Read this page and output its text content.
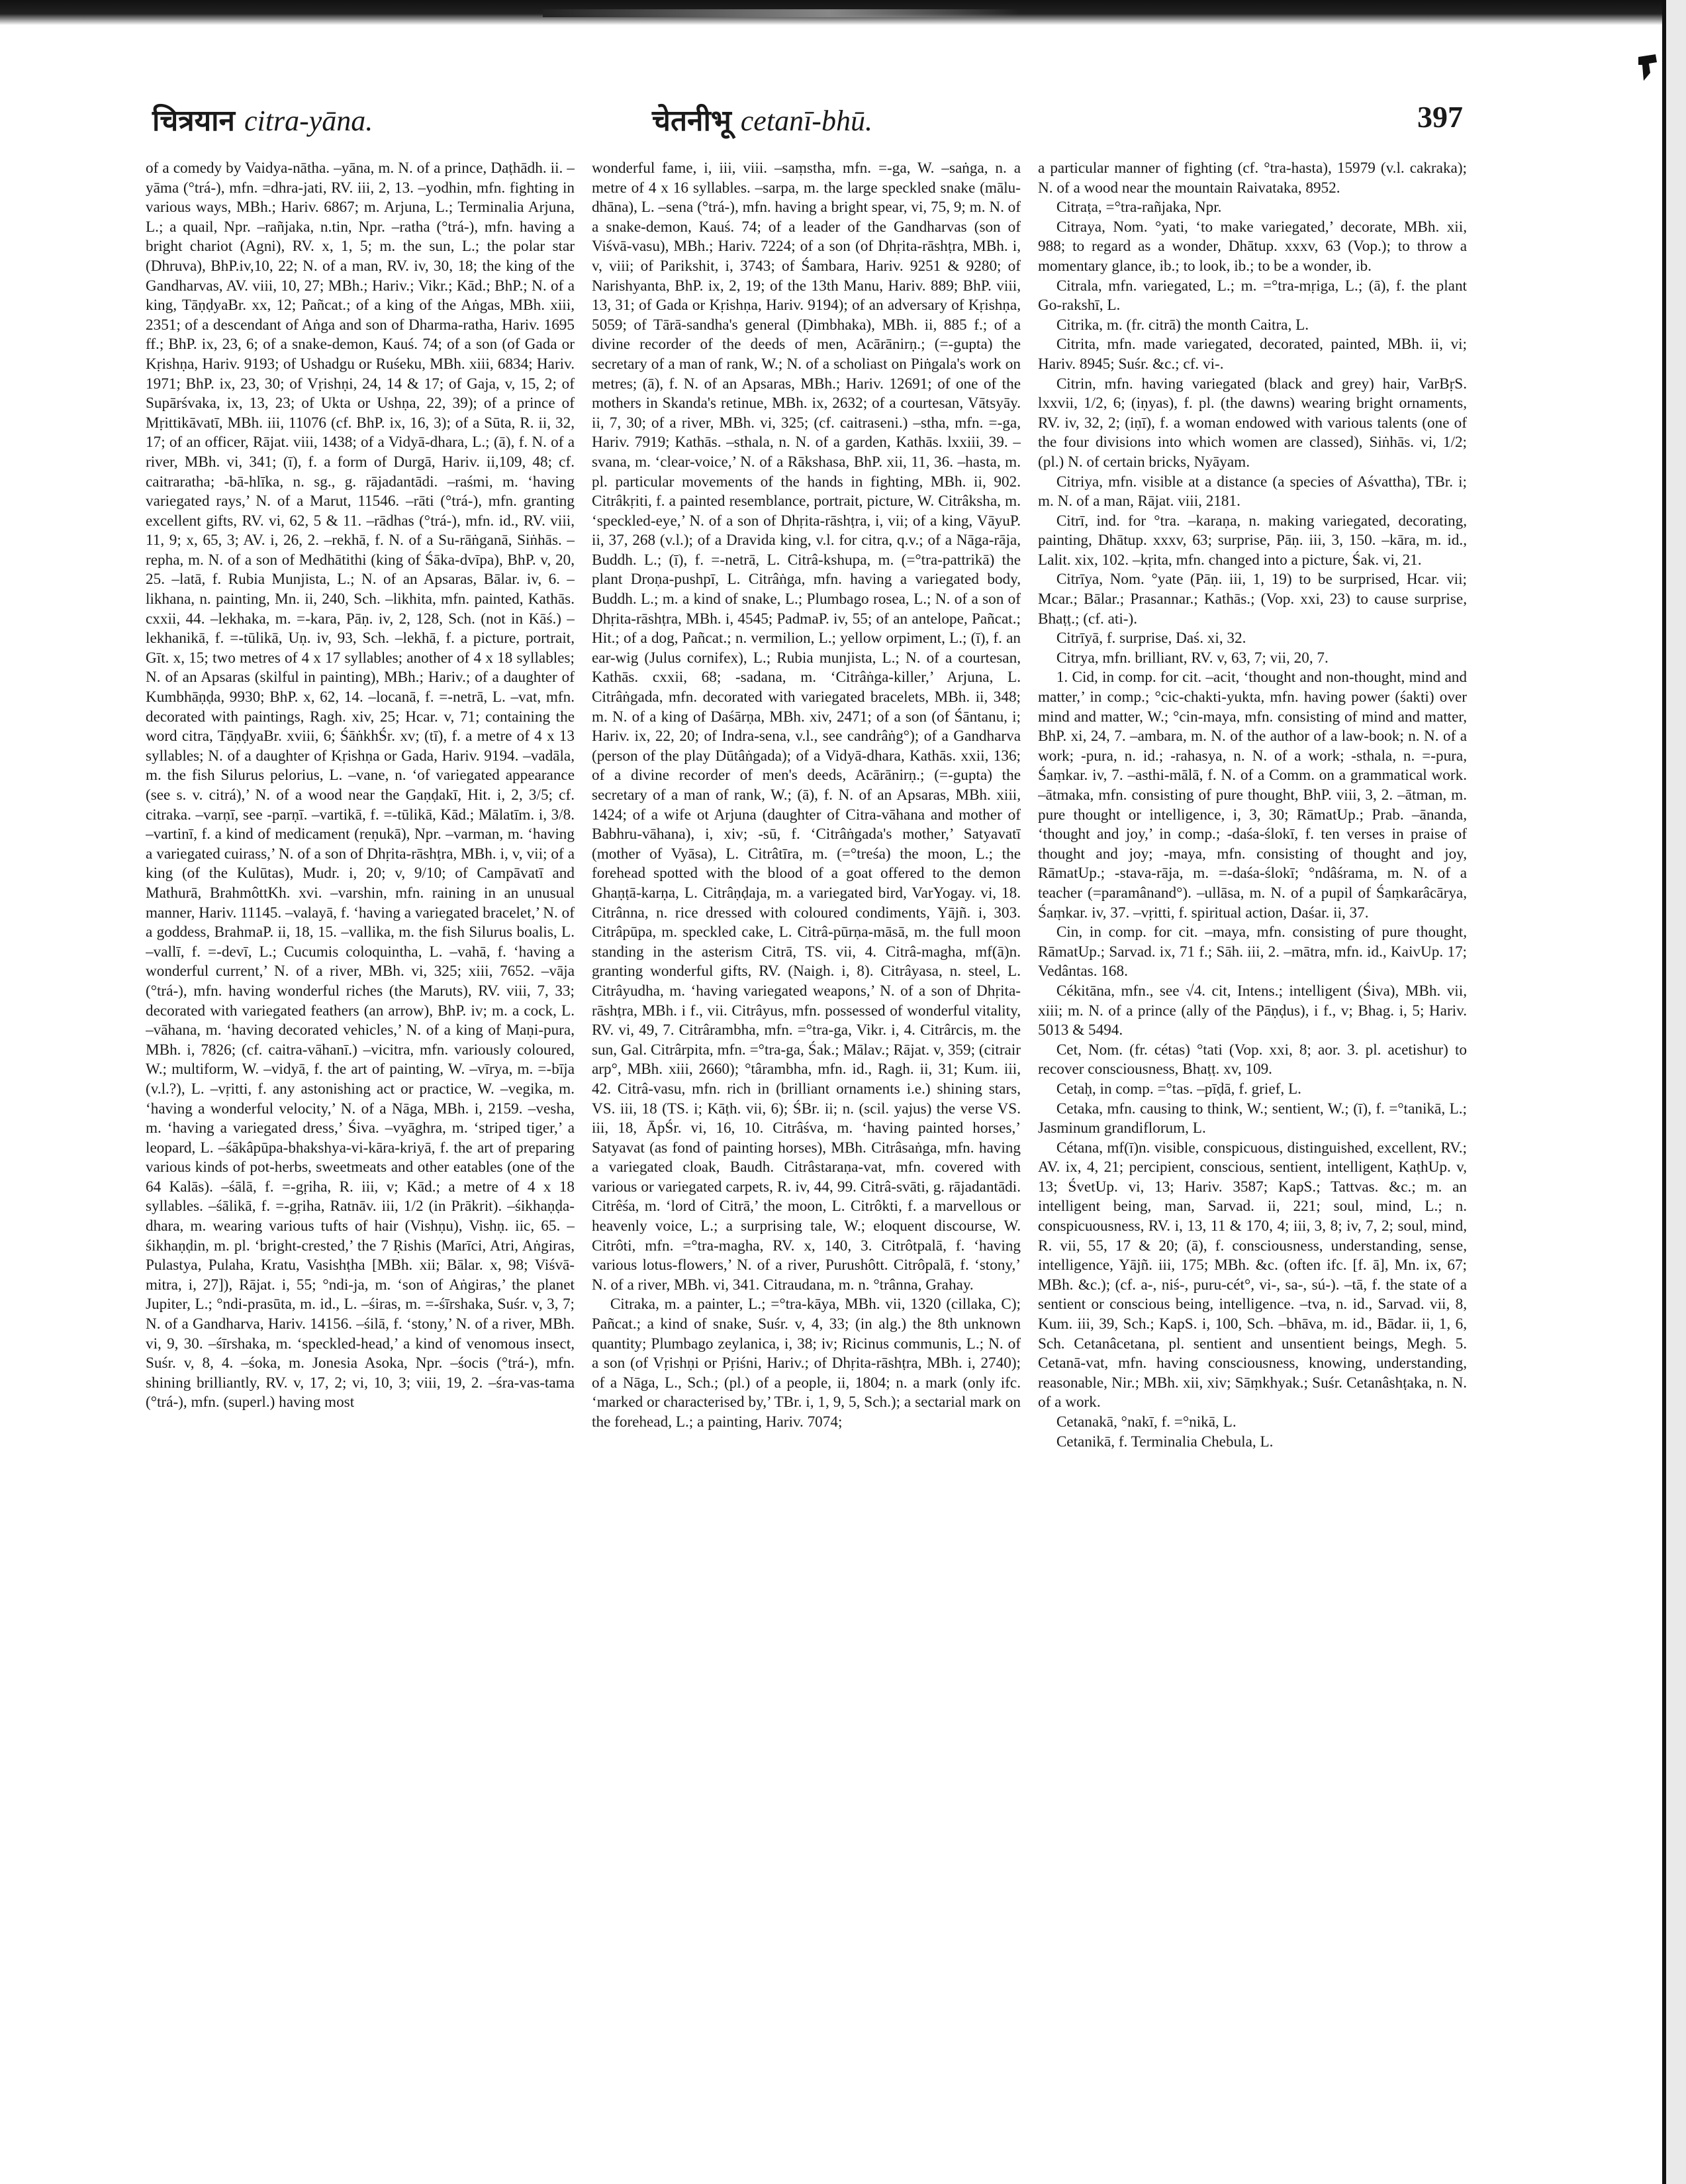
चित्रयान citra-yāna.	चेतनीभू cetanī-bhū.	397

of a comedy by Vaidya-nātha. –yāna, m. N. of a prince, Daṭhādh. ii. –yāma (°trá-), mfn. =dhra-jati, RV. iii, 2, 13. –yodhin, mfn. fighting in various ways, MBh.; Hariv. 6867; m. Arjuna, L.; Terminalia Arjuna, L.; a quail, Npr. –rañjaka, n.tin, Npr. –ratha (°trá-), mfn. having a bright chariot (Agni), RV. x, 1, 5; m. the sun, L.; the polar star (Dhruva), BhP.iv,10, 22; N. of a man, RV. iv, 30, 18; the king of the Gandharvas, AV. viii, 10, 27; MBh.; Hariv.; Vikr.; Kād.; BhP.; N. of a king, TāṇḍyaBr. xx, 12; Pañcat.; of a king of the Aṅgas, MBh. xiii, 2351; of a descendant of Aṅga and son of Dharma-ratha, Hariv. 1695 ff.; BhP. ix, 23, 6; of a snake-demon, Kauś. 74; of a son (of Gada or Kṛishṇa, Hariv. 9193; of Ushadgu or Ruśeku, MBh. xiii, 6834; Hariv. 1971; BhP. ix, 23, 30; of Vṛishṇi, 24, 14 & 17; of Gaja, v, 15, 2; of Supārśvaka, ix, 13, 23; of Ukta or Ushṇa, 22, 39); of a prince of Mṛittikāvatī, MBh. iii, 11076 (cf. BhP. ix, 16, 3); of a Sūta, R. ii, 32, 17; of an officer, Rājat. viii, 1438; of a Vidyā-dhara, L.; (ā), f. N. of a river, MBh. vi, 341; (ī), f. a form of Durgā, Hariv. ii,109, 48; cf. caitraratha; -bā-hlīka, n. sg., g. rājadantādi. –raśmi, m. ‘having variegated rays,’ N. of a Marut, 11546. –rāti (°trá-), mfn. granting excellent gifts, RV. vi, 62, 5 & 11. –rādhas (°trá-), mfn. id., RV. viii, 11, 9; x, 65, 3; AV. i, 26, 2. –rekhā, f. N. of a Su-rāṅganā, Siṅhās. –repha, m. N. of a son of Medhātithi (king of Śāka-dvīpa), BhP. v, 20, 25. –latā, f. Rubia Munjista, L.; N. of an Apsaras, Bālar. iv, 6. –likhana, n. painting, Mn. ii, 240, Sch. –likhita, mfn. painted, Kathās. cxxii, 44. –lekhaka, m. =-kara, Pāṇ. iv, 2, 128, Sch. (not in Kāś.) –lekhanikā, f. =-tūlikā, Uṇ. iv, 93, Sch. –lekhā, f. a picture, portrait, Gīt. x, 15; two metres of 4 x 17 syllables; another of 4 x 18 syllables; N. of an Apsaras (skilful in painting), MBh.; Hariv.; of a daughter of Kumbhāṇḍa, 9930; BhP. x, 62, 14. –locanā, f. =-netrā, L. –vat, mfn. decorated with paintings, Ragh. xiv, 25; Hcar. v, 71; containing the word citra, TāṇḍyaBr. xviii, 6; ŚāṅkhŚr. xv; (tī), f. a metre of 4 x 13 syllables; N. of a daughter of Kṛishṇa or Gada, Hariv. 9194. –vadāla, m. the fish Silurus pelorius, L. –vane, n. ‘of variegated appearance (see s. v. citrá),’ N. of a wood near the Gaṇḍakī, Hit. i, 2, 3/5; cf. citraka. –varṇī, see -parṇī. –vartikā, f. =-tūlikā, Kād.; Mālatīm. i, 3/8. –vartinī, f. a kind of medicament (reṇukā), Npr. –varman, m. ‘having a variegated cuirass,’ N. of a son of Dhṛita-rāshṭra, MBh. i, v, vii; of a king (of the Kulūtas), Mudr. i, 20; v, 9/10; of Campāvatī and Mathurā, BrahmôttKh. xvi. –varshin, mfn. raining in an unusual manner, Hariv. 11145. –valayā, f. ‘having a variegated bracelet,’ N. of a goddess, BrahmaP. ii, 18, 15. –vallika, m. the fish Silurus boalis, L. –vallī, f. =-devī, L.; Cucumis coloquintha, L. –vahā, f. ‘having a wonderful current,’ N. of a river, MBh. vi, 325; xiii, 7652. –vāja (°trá-), mfn. having wonderful riches (the Maruts), RV. viii, 7, 33; decorated with variegated feathers (an arrow), BhP. iv; m. a cock, L. –vāhana, m. ‘having decorated vehicles,’ N. of a king of Maṇi-pura, MBh. i, 7826; (cf. caitra-vāhanī.) –vicitra, mfn. variously coloured, W.; multiform, W. –vidyā, f. the art of painting, W. –vīrya, m. =-bīja (v.l.?), L. –vṛitti, f. any astonishing act or practice, W. –vegika, m. ‘having a wonderful velocity,’ N. of a Nāga, MBh. i, 2159. –vesha, m. ‘having a variegated dress,’ Śiva. –vyāghra, m. ‘striped tiger,’ a leopard, L. –śākâpūpa-bhakshya-vi-kāra-kriyā, f. the art of preparing various kinds of pot-herbs, sweetmeats and other eatables (one of the 64 Kalās). –śālā, f. =-gṛiha, R. iii, v; Kād.; a metre of 4 x 18 syllables. –śālikā, f. =-gṛiha, Ratnāv. iii, 1/2 (in Prākrit). –śikhaṇḍa-dhara, m. wearing various tufts of hair (Vishṇu), Vishṇ. iic, 65. –śikhaṇḍin, m. pl. ‘bright-crested,’ the 7 Ṛishis (Marīci, Atri, Aṅgiras, Pulastya, Pulaha, Kratu, Vasishṭha [MBh. xii; Bālar. x, 98; Viśvā-mitra, i, 27]), Rājat. i, 55; °ndi-ja, m. ‘son of Aṅgiras,’ the planet Jupiter, L.; °ndi-prasūta, m. id., L. –śiras, m. =-śīrshaka, Suśr. v, 3, 7; N. of a Gandharva, Hariv. 14156. –śilā, f. ‘stony,’ N. of a river, MBh. vi, 9, 30. –śīrshaka, m. ‘speckled-head,’ a kind of venomous insect, Suśr. v, 8, 4. –śoka, m. Jonesia Asoka, Npr. –śocis (°trá-), mfn. shining brilliantly, RV. v, 17, 2; vi, 10, 3; viii, 19, 2. –śra-vas-tama (°trá-), mfn. (superl.) having most

wonderful fame, i, iii, viii. –saṃstha, mfn. =-ga, W. –saṅga, n. a metre of 4 x 16 syllables. –sarpa, m. the large speckled snake (mālu-dhāna), L. –sena (°trá-), mfn. having a bright spear, vi, 75, 9; m. N. of a snake-demon, Kauś. 74; of a leader of the Gandharvas (son of Viśvā-vasu), MBh.; Hariv. 7224; of a son (of Dhṛita-rāshṭra, MBh. i, v, viii; of Parikshit, i, 3743; of Śambara, Hariv. 9251 & 9280; of Narishyanta, BhP. ix, 2, 19; of the 13th Manu, Hariv. 889; BhP. viii, 13, 31; of Gada or Kṛishṇa, Hariv. 9194); of an adversary of Kṛishṇa, 5059; of Tārā-sandha's general (Ḍimbhaka), MBh. ii, 885 f.; of a divine recorder of the deeds of men, Acārānirṇ.; (=-gupta) the secretary of a man of rank, W.; N. of a scholiast on Piṅgala's work on metres; (ā), f. N. of an Apsaras, MBh.; Hariv. 12691; of one of the mothers in Skanda's retinue, MBh. ix, 2632; of a courtesan, Vātsyāy. ii, 7, 30; of a river, MBh. vi, 325; (cf. caitraseni.) –stha, mfn. =-ga, Hariv. 7919; Kathās. –sthala, n. N. of a garden, Kathās. lxxiii, 39. –svana, m. ‘clear-voice,’ N. of a Rākshasa, BhP. xii, 11, 36. –hasta, m. pl. particular movements of the hands in fighting, MBh. ii, 902. Citrâkṛiti, f. a painted resemblance, portrait, picture, W. Citrâksha, m. ‘speckled-eye,’ N. of a son of Dhṛita-rāshṭra, i, vii; of a king, VāyuP. ii, 37, 268 (v.l.); of a Dravida king, v.l. for citra, q.v.; of a Nāga-rāja, Buddh. L.; (ī), f. =-netrā, L. Citrâ-kshupa, m. (=°tra-pattrikā) the plant Droṇa-pushpī, L. Citrâṅga, mfn. having a variegated body, Buddh. L.; m. a kind of snake, L.; Plumbago rosea, L.; N. of a son of Dhṛita-rāshṭra, MBh. i, 4545; PadmaP. iv, 55; of an antelope, Pañcat.; Hit.; of a dog, Pañcat.; n. vermilion, L.; yellow orpiment, L.; (ī), f. an ear-wig (Julus cornifex), L.; Rubia munjista, L.; N. of a courtesan, Kathās. cxxii, 68; -sadana, m. ‘Citrâṅga-killer,’ Arjuna, L. Citrâṅgada, mfn. decorated with variegated bracelets, MBh. ii, 348; m. N. of a king of Daśārṇa, MBh. xiv, 2471; of a son (of Śāntanu, i; Hariv. ix, 22, 20; of Indra-sena, v.l., see candrâṅg°); of a Gandharva (person of the play Dūtâṅgada); of a Vidyā-dhara, Kathās. xxii, 136; of a divine recorder of men's deeds, Acārānirṇ.; (=-gupta) the secretary of a man of rank, W.; (ā), f. N. of an Apsaras, MBh. xiii, 1424; of a wife ot Arjuna (daughter of Citra-vāhana and mother of Babhru-vāhana), i, xiv; -sū, f. ‘Citrâṅgada's mother,’ Satyavatī (mother of Vyāsa), L. Citrâtīra, m. (=°treśa) the moon, L.; the forehead spotted with the blood of a goat offered to the demon Ghaṇṭā-karṇa, L. Citrâṇḍaja, m. a variegated bird, VarYogay. vi, 18. Citrânna, n. rice dressed with coloured condiments, Yājñ. i, 303. Citrâpūpa, m. speckled cake, L. Citrâ-pūrṇa-māsā, m. the full moon standing in the asterism Citrā, TS. vii, 4. Citrâ-magha, mf(ā)n. granting wonderful gifts, RV. (Naigh. i, 8). Citrâyasa, n. steel, L. Citrâyudha, m. ‘having variegated weapons,’ N. of a son of Dhṛita-rāshṭra, MBh. i f., vii. Citrâyus, mfn. possessed of wonderful vitality, RV. vi, 49, 7. Citrârambha, mfn. =°tra-ga, Vikr. i, 4. Citrârcis, m. the sun, Gal. Citrârpita, mfn. =°tra-ga, Śak.; Mālav.; Rājat. v, 359; (citrair arp°, MBh. xiii, 2660); °târambha, mfn. id., Ragh. ii, 31; Kum. iii, 42. Citrâ-vasu, mfn. rich in (brilliant ornaments i.e.) shining stars, VS. iii, 18 (TS. i; Kāṭh. vii, 6); ŚBr. ii; n. (scil. yajus) the verse VS. iii, 18, ĀpŚr. vi, 16, 10. Citrâśva, m. ‘having painted horses,’ Satyavat (as fond of painting horses), MBh. Citrâsaṅga, mfn. having a variegated cloak, Baudh. Citrâstaraṇa-vat, mfn. covered with various or variegated carpets, R. iv, 44, 99. Citrâ-svāti, g. rājadantādi. Citrêśa, m. ‘lord of Citrā,’ the moon, L. Citrôkti, f. a marvellous or heavenly voice, L.; a surprising tale, W.; eloquent discourse, W. Citrôti, mfn. =°tra-magha, RV. x, 140, 3. Citrôtpalā, f. ‘having various lotus-flowers,’ N. of a river, Purushôtt. Citrôpalā, f. ‘stony,’ N. of a river, MBh. vi, 341. Citraudana, m. n. °trânna, Grahay.

Citraka, m. a painter, L.; =°tra-kāya, MBh. vii, 1320 (cillaka, C); Pañcat.; a kind of snake, Suśr. v, 4, 33; (in alg.) the 8th unknown quantity; Plumbago zeylanica, i, 38; iv; Ricinus communis, L.; N. of a son (of Vṛishṇi or Pṛiśni, Hariv.; of Dhṛita-rāshṭra, MBh. i, 2740); of a Nāga, L., Sch.; (pl.) of a people, ii, 1804; n. a mark (only ifc. ‘marked or characterised by,’ TBr. i, 1, 9, 5, Sch.); a sectarial mark on the forehead, L.; a painting, Hariv. 7074;

a particular manner of fighting (cf. °tra-hasta), 15979 (v.l. cakraka); N. of a wood near the mountain Raivataka, 8952.

Citraṭa, =°tra-rañjaka, Npr.

Citraya, Nom. °yati, ‘to make variegated,’ decorate, MBh. xii, 988; to regard as a wonder, Dhātup. xxxv, 63 (Vop.); to throw a momentary glance, ib.; to look, ib.; to be a wonder, ib.

Citrala, mfn. variegated, L.; m. =°tra-mṛiga, L.; (ā), f. the plant Go-rakshī, L.

Citrika, m. (fr. citrā) the month Caitra, L.

Citrita, mfn. made variegated, decorated, painted, MBh. ii, vi; Hariv. 8945; Suśr. &c.; cf. vi-.

Citrin, mfn. having variegated (black and grey) hair, VarBṛS. lxxvii, 1/2, 6; (iṇyas), f. pl. (the dawns) wearing bright ornaments, RV. iv, 32, 2; (iṇī), f. a woman endowed with various talents (one of the four divisions into which women are classed), Siṅhās. vi, 1/2; (pl.) N. of certain bricks, Nyāyam.

Citriya, mfn. visible at a distance (a species of Aśvattha), TBr. i; m. N. of a man, Rājat. viii, 2181.

Citrī, ind. for °tra. –karaṇa, n. making variegated, decorating, painting, Dhātup. xxxv, 63; surprise, Pāṇ. iii, 3, 150. –kāra, m. id., Lalit. xix, 102. –kṛita, mfn. changed into a picture, Śak. vi, 21.

Citrīya, Nom. °yate (Pāṇ. iii, 1, 19) to be surprised, Hcar. vii; Mcar.; Bālar.; Prasannar.; Kathās.; (Vop. xxi, 23) to cause surprise, Bhaṭṭ.; (cf. ati-).

Citrīyā, f. surprise, Daś. xi, 32.

Citrya, mfn. brilliant, RV. v, 63, 7; vii, 20, 7.

1. Cid, in comp. for cit. –acit, ‘thought and non-thought, mind and matter,’ in comp.; °cic-chakti-yukta, mfn. having power (śakti) over mind and matter, W.; °cin-maya, mfn. consisting of mind and matter, BhP. xi, 24, 7. –ambara, m. N. of the author of a law-book; n. N. of a work; -pura, n. id.; -rahasya, n. N. of a work; -sthala, n. =-pura, Śaṃkar. iv, 7. –asthi-mālā, f. N. of a Comm. on a grammatical work. –ātmaka, mfn. consisting of pure thought, BhP. viii, 3, 2. –ātman, m. pure thought or intelligence, i, 3, 30; RāmatUp.; Prab. –ānanda, ‘thought and joy,’ in comp.; -daśa-ślokī, f. ten verses in praise of thought and joy; -maya, mfn. consisting of thought and joy, RāmatUp.; -stava-rāja, m. =-daśa-ślokī; °ndâśrama, m. N. of a teacher (=paramânand°). –ullāsa, m. N. of a pupil of Śaṃkarâcārya, Śaṃkar. iv, 37. –vṛitti, f. spiritual action, Daśar. ii, 37.

Cin, in comp. for cit. –maya, mfn. consisting of pure thought, RāmatUp.; Sarvad. ix, 71 f.; Sāh. iii, 2. –mātra, mfn. id., KaivUp. 17; Vedântas. 168.

Cékitāna, mfn., see √4. cit, Intens.; intelligent (Śiva), MBh. vii, xiii; m. N. of a prince (ally of the Pāṇḍus), i f., v; Bhag. i, 5; Hariv. 5013 & 5494.

Cet, Nom. (fr. cétas) °tati (Vop. xxi, 8; aor. 3. pl. acetishur) to recover consciousness, Bhaṭṭ. xv, 109.

Cetaḥ, in comp. =°tas. –pīḍā, f. grief, L.

Cetaka, mfn. causing to think, W.; sentient, W.; (ī), f. =°tanikā, L.; Jasminum grandiflorum, L.

Cétana, mf(ī)n. visible, conspicuous, distinguished, excellent, RV.; AV. ix, 4, 21; percipient, conscious, sentient, intelligent, KaṭhUp. v, 13; ŚvetUp. vi, 13; Hariv. 3587; KapS.; Tattvas. &c.; m. an intelligent being, man, Sarvad. ii, 221; soul, mind, L.; n. conspicuousness, RV. i, 13, 11 & 170, 4; iii, 3, 8; iv, 7, 2; soul, mind, R. vii, 55, 17 & 20; (ā), f. consciousness, understanding, sense, intelligence, Yājñ. iii, 175; MBh. &c. (often ifc. [f. ā], Mn. ix, 67; MBh. &c.); (cf. a-, niś-, puru-cét°, vi-, sa-, sú-). –tā, f. the state of a sentient or conscious being, intelligence. –tva, n. id., Sarvad. vii, 8, Kum. iii, 39, Sch.; KapS. i, 100, Sch. –bhāva, m. id., Bādar. ii, 1, 6, Sch. Cetanâcetana, pl. sentient and unsentient beings, Megh. 5. Cetanā-vat, mfn. having consciousness, knowing, understanding, reasonable, Nir.; MBh. xii, xiv; Sāṃkhyak.; Suśr. Cetanâshṭaka, n. N. of a work.

Cetanakā, °nakī, f. =°nikā, L.

Cetanikā, f. Terminalia Chebula, L.
